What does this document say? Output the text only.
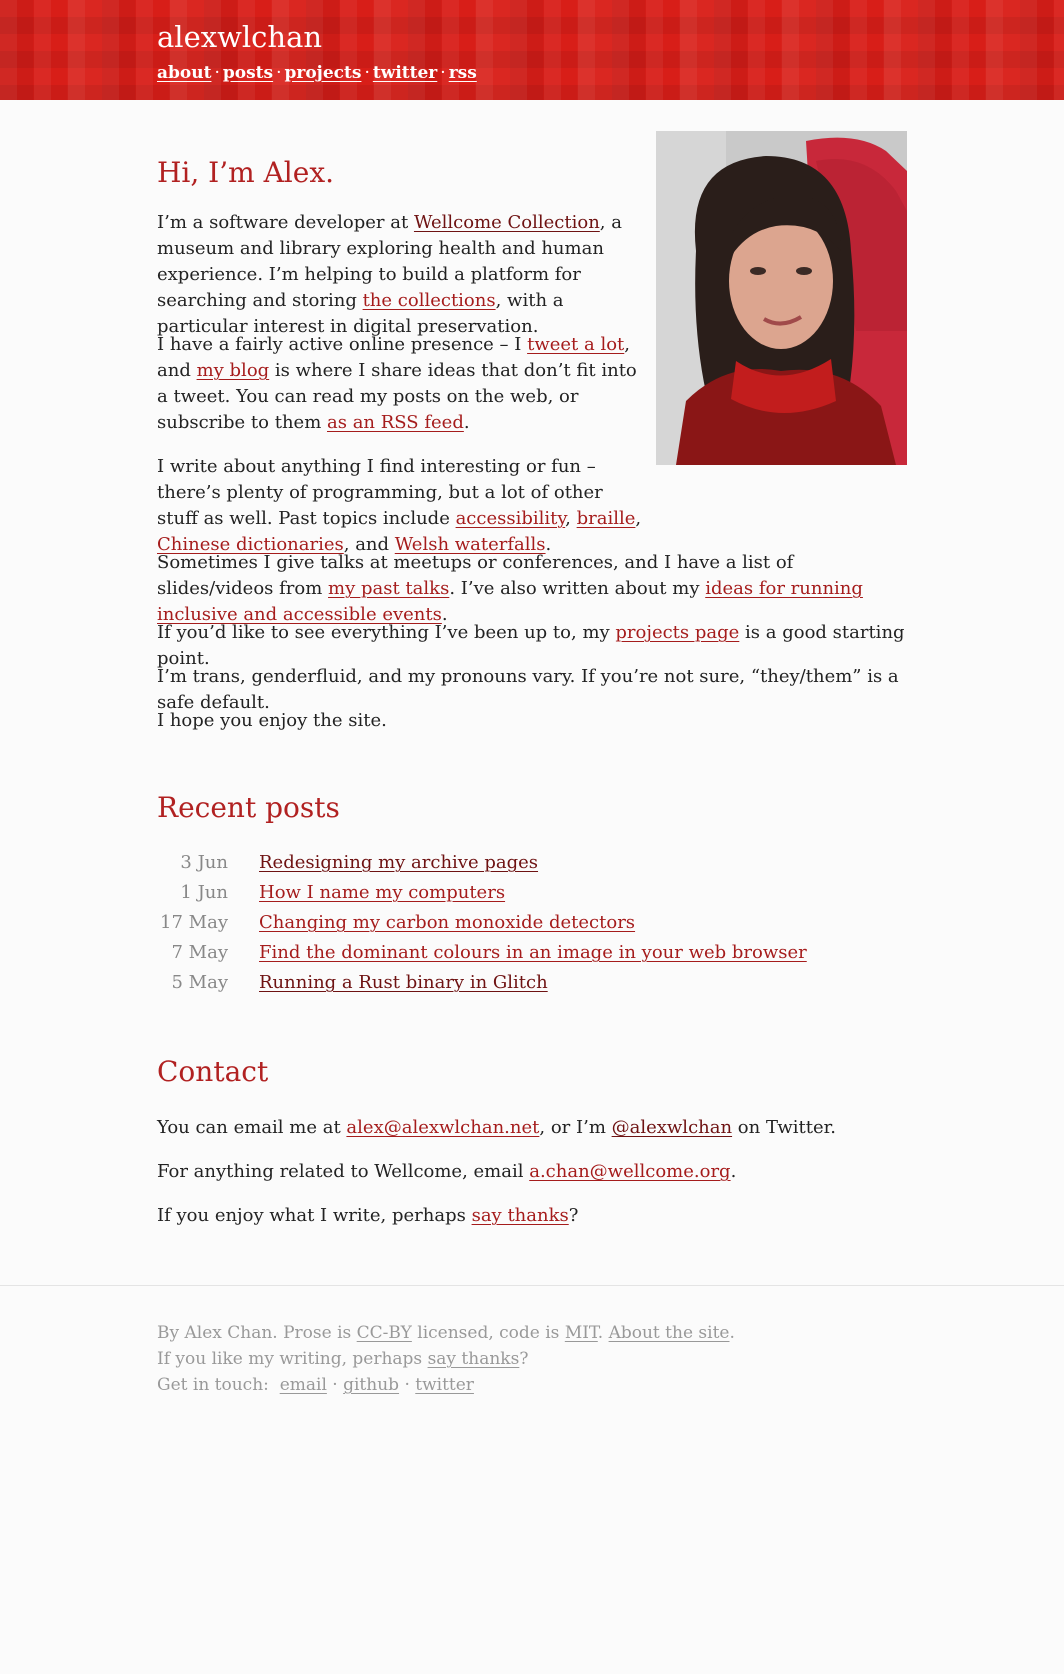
alexwlchan
about · posts · projects · twitter · rss
Hi, I’m Alex.

I’m a software developer at Wellcome Collection, a museum and library exploring health and human experience. I’m helping to build a platform for searching and storing the collections, with a particular interest in digital preservation.

I have a fairly active online presence – I tweet a lot, and my blog is where I share ideas that don’t fit into a tweet. You can read my posts on the web, or subscribe to them as an RSS feed.

I write about anything I find interesting or fun – there’s plenty of programming, but a lot of other stuff as well. Past topics include accessibility, braille, Chinese dictionaries, and Welsh waterfalls.

Sometimes I give talks at meetups or conferences, and I have a list of slides/videos from my past talks. I’ve also written about my ideas for running inclusive and accessible events.

If you’d like to see everything I’ve been up to, my projects page is a good starting point.

I’m trans, genderfluid, and my pronouns vary. If you’re not sure, “they/them” is a safe default.

I hope you enjoy the site.

Recent posts
3 Jun Redesigning my archive pages
1 Jun How I name my computers
17 May Changing my carbon monoxide detectors
7 May Find the dominant colours in an image in your web browser
5 May Running a Rust binary in Glitch
Contact

You can email me at alex@alexwlchan.net, or I’m @alexwlchan on Twitter.

For anything related to Wellcome, email a.chan@wellcome.org.

If you enjoy what I write, perhaps say thanks?

By Alex Chan. Prose is CC-BY licensed, code is MIT. About the site.
If you like my writing, perhaps say thanks?
Get in touch:  email · github · twitter
